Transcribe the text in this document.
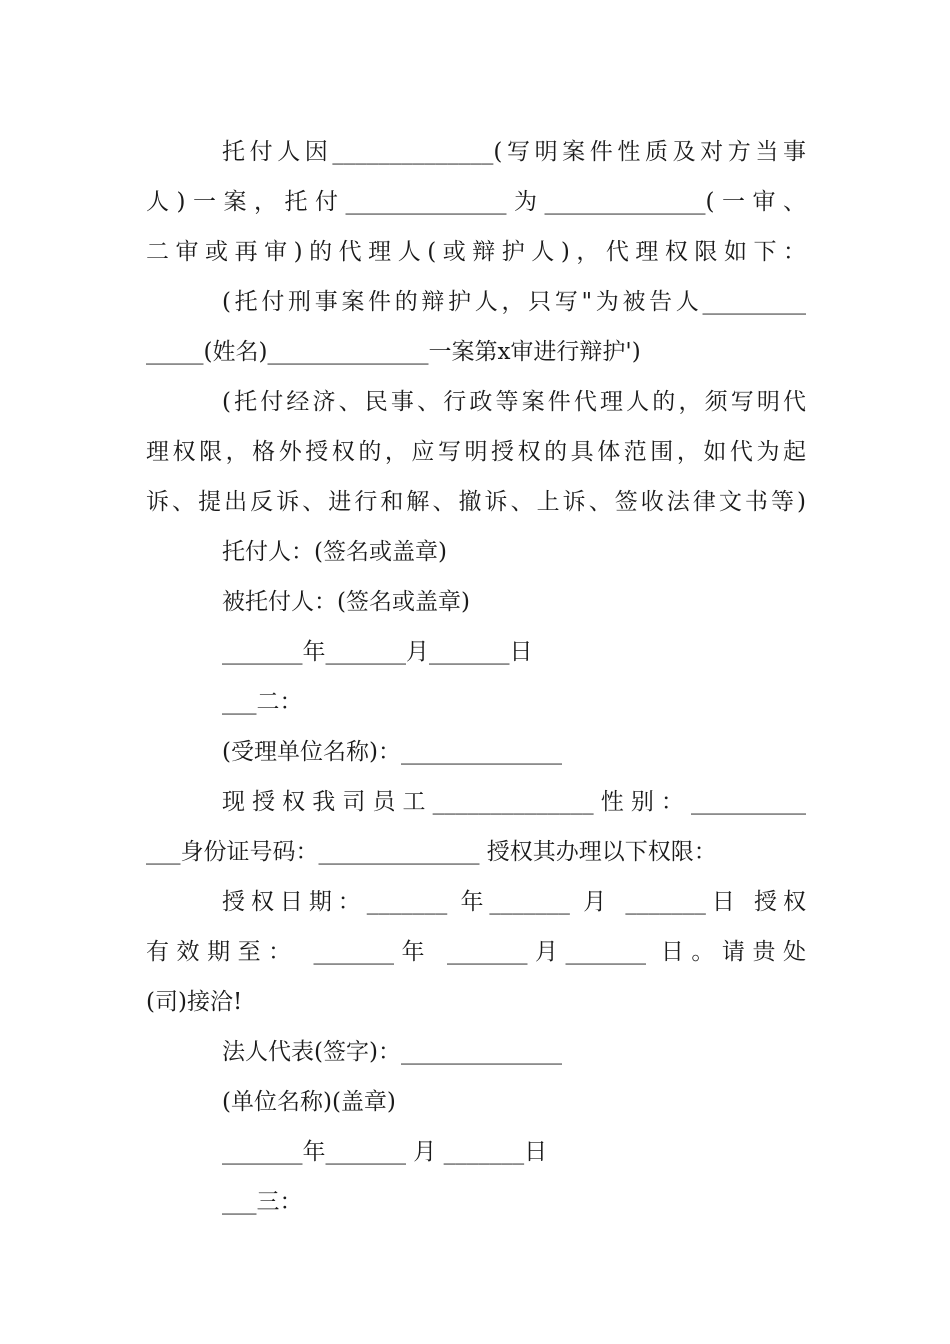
托付人因______________(写明案件性质及对方当事
人)一案，托付______________为______________(一审、
二审或再审)的代理人(或辩护人)，代理权限如下：
(托付刑事案件的辩护人，只写"为被告人_________
_____(姓名)______________一案第x审进行辩护')
(托付经济、民事、行政等案件代理人的，须写明代
理权限，格外授权的，应写明授权的具体范围，如代为起
诉、提出反诉、进行和解、撤诉、上诉、签收法律文书等)
托付人：(签名或盖章)
被托付人：(签名或盖章)
_______年_______月_______日
___二：
(受理单位名称)：______________
现授权我司员工______________性别：__________
___身份证号码：______________ 授权其办理以下权限：
授权日期：_______ 年_______ 月 _______日 授权
有效期至： _______年 _______月_______ 日。请贵处
(司)接洽!
法人代表(签字)：______________
(单位名称)(盖章)
_______年_______ 月 _______日
___三：
